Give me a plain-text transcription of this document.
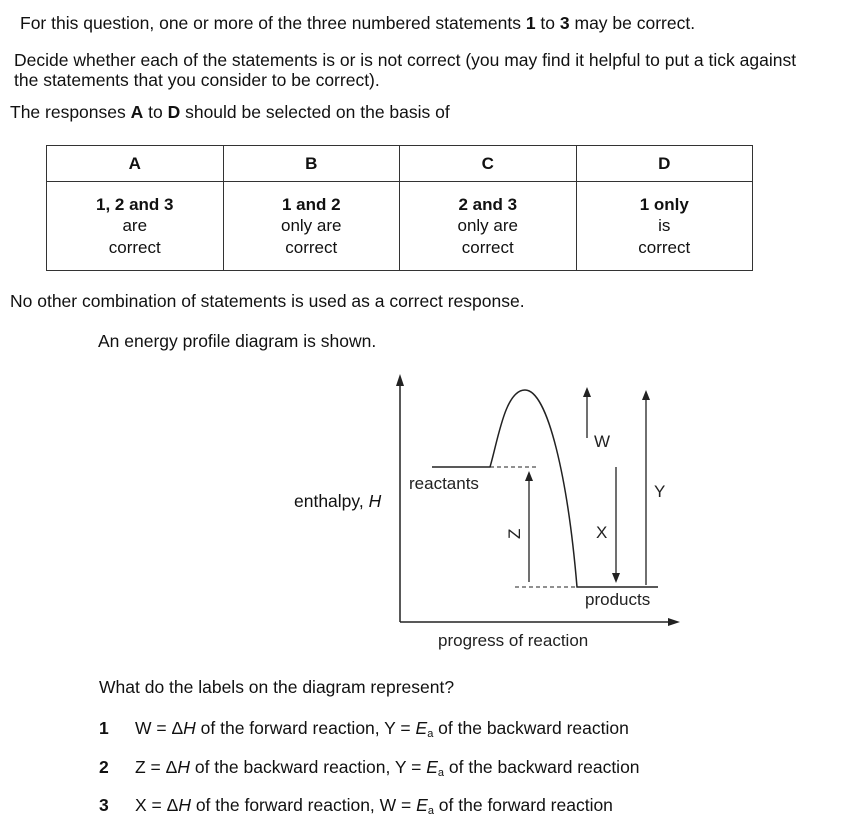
For this question, one or more of the three numbered statements 1 to 3 may be correct.
Decide whether each of the statements is or is not correct (you may find it helpful to put a tick against
the statements that you consider to be correct).
The responses A to D should be selected on the basis of
A	B	C	D
1, 2 and 3
are
correct	1 and 2
only are
correct	2 and 3
only are
correct	1 only
is
correct
No other combination of statements is used as a correct response.
An energy profile diagram is shown.
enthalpy, H
reactants
products
progress of reaction
W
X
Y
Z
What do the labels on the diagram represent?
1 W = ΔH of the forward reaction, $Y = E_a$ of the backward reaction
2 Z = ΔH of the backward reaction, $Y = E_a$ of the backward reaction
3 X = ΔH of the forward reaction, $W = E_a$ of the forward reaction
